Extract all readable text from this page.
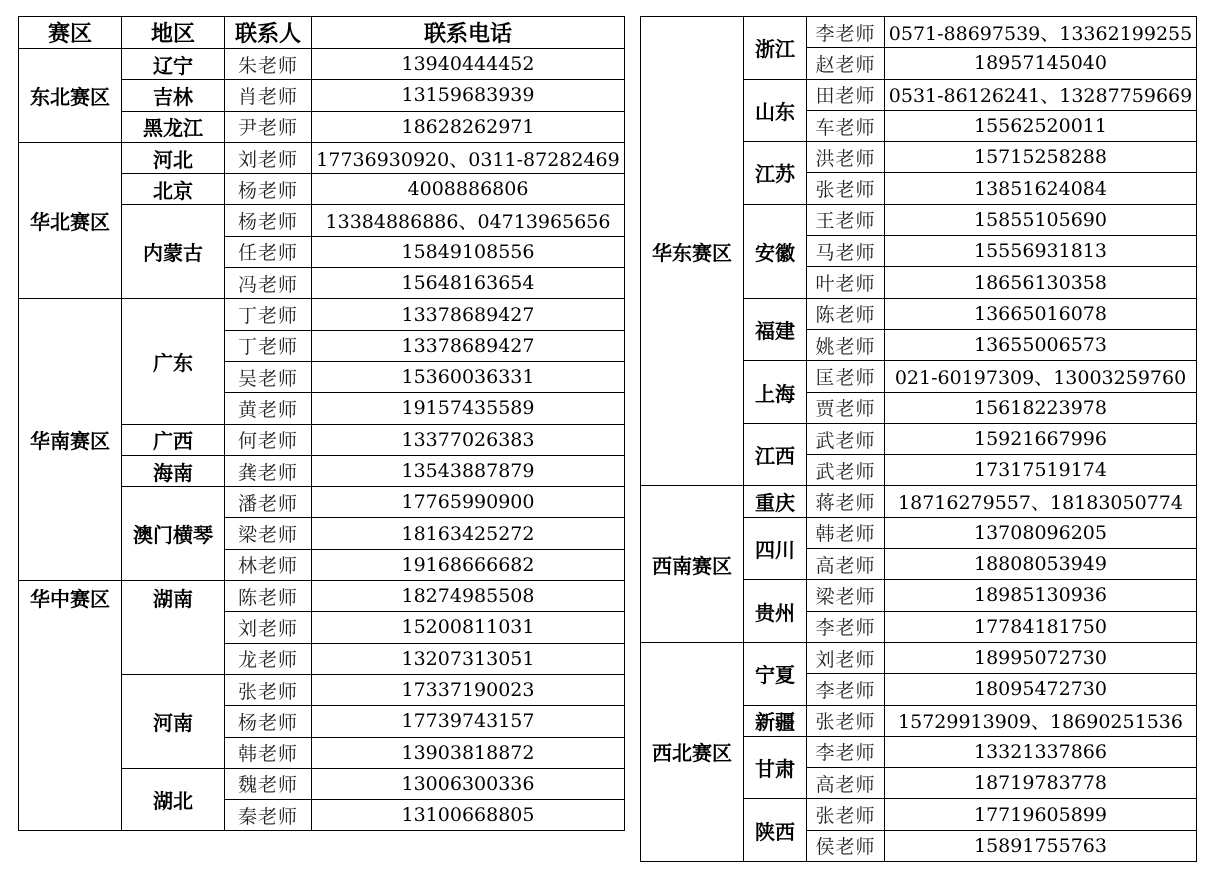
赛区	地区	联系人	联系电话
东北赛区	辽宁	朱老师	13940444452
	吉林	肖老师	13159683939
	黑龙江	尹老师	18628262971
华北赛区	河北	刘老师	17736930920、0311-87282469
	北京	杨老师	4008886806
	内蒙古	杨老师	13384886886、04713965656
		任老师	15849108556
		冯老师	15648163654
华南赛区	广东	丁老师	13378689427
		丁老师	13378689427
		吴老师	15360036331
		黄老师	19157435589
	广西	何老师	13377026383
	海南	龚老师	13543887879
	澳门横琴	潘老师	17765990900
		梁老师	18163425272
		林老师	19168666682
华中赛区	湖南	陈老师	18274985508
		刘老师	15200811031
		龙老师	13207313051
	河南	张老师	17337190023
		杨老师	17739743157
		韩老师	13903818872
	湖北	魏老师	13006300336
		秦老师	13100668805
华东赛区	浙江	李老师	0571-88697539、13362199255
		赵老师	18957145040
	山东	田老师	0531-86126241、13287759669
		车老师	15562520011
	江苏	洪老师	15715258288
		张老师	13851624084
	安徽	王老师	15855105690
		马老师	15556931813
		叶老师	18656130358
	福建	陈老师	13665016078
		姚老师	13655006573
	上海	匡老师	021-60197309、13003259760
		贾老师	15618223978
	江西	武老师	15921667996
		武老师	17317519174
西南赛区	重庆	蒋老师	18716279557、18183050774
	四川	韩老师	13708096205
		高老师	18808053949
	贵州	梁老师	18985130936
		李老师	17784181750
西北赛区	宁夏	刘老师	18995072730
		李老师	18095472730
	新疆	张老师	15729913909、18690251536
	甘肃	李老师	13321337866
		高老师	18719783778
	陕西	张老师	17719605899
		侯老师	15891755763
